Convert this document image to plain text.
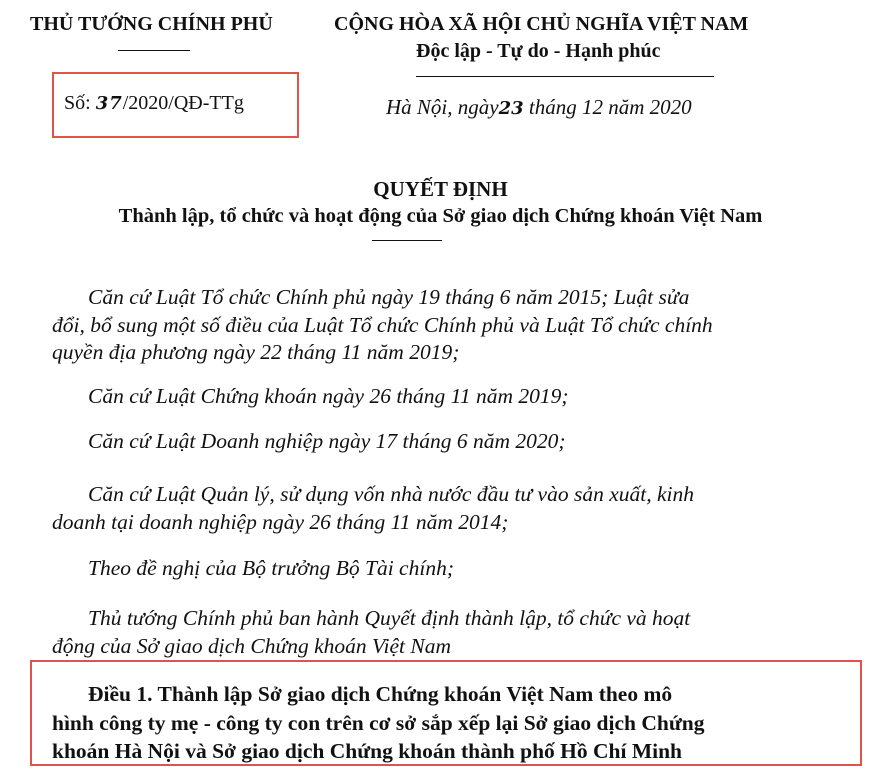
THỦ TƯỚNG CHÍNH PHỦ	CỘNG HÒA XÃ HỘI CHỦ NGHĨA VIỆT NAM
Độc lập - Tự do - Hạnh phúc
Số: 37/2020/QĐ-TTg	Hà Nội, ngày23 tháng 12 năm 2020
QUYẾT ĐỊNH
Thành lập, tổ chức và hoạt động của Sở giao dịch Chứng khoán Việt Nam
Căn cứ Luật Tổ chức Chính phủ ngày 19 tháng 6 năm 2015; Luật sửa
đổi, bổ sung một số điều của Luật Tổ chức Chính phủ và Luật Tổ chức chính
quyền địa phương ngày 22 tháng 11 năm 2019;
Căn cứ Luật Chứng khoán ngày 26 tháng 11 năm 2019;
Căn cứ Luật Doanh nghiệp ngày 17 tháng 6 năm 2020;
Căn cứ Luật Quản lý, sử dụng vốn nhà nước đầu tư vào sản xuất, kinh
doanh tại doanh nghiệp ngày 26 tháng 11 năm 2014;
Theo đề nghị của Bộ trưởng Bộ Tài chính;
Thủ tướng Chính phủ ban hành Quyết định thành lập, tổ chức và hoạt
động của Sở giao dịch Chứng khoán Việt Nam
Điều 1. Thành lập Sở giao dịch Chứng khoán Việt Nam theo mô
hình công ty mẹ - công ty con trên cơ sở sắp xếp lại Sở giao dịch Chứng
khoán Hà Nội và Sở giao dịch Chứng khoán thành phố Hồ Chí Minh
